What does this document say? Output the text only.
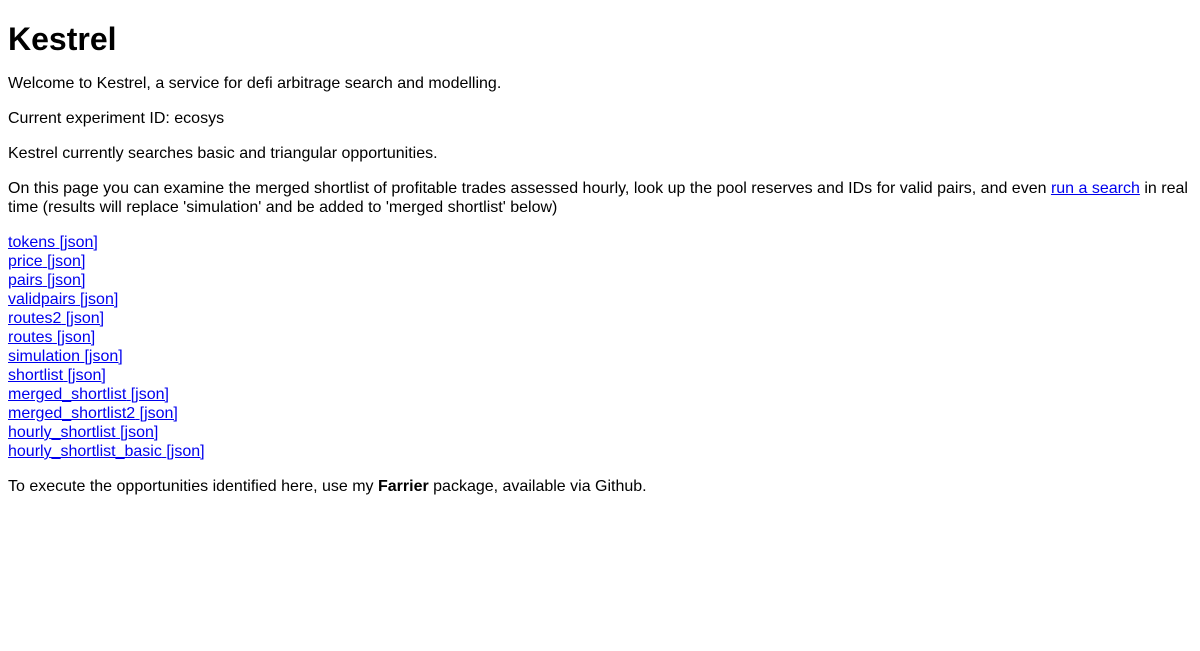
Kestrel

Welcome to Kestrel, a service for defi arbitrage search and modelling.

Current experiment ID: ecosys

Kestrel currently searches basic and triangular opportunities.

On this page you can examine the merged shortlist of profitable trades assessed hourly, look up the pool reserves and IDs for valid pairs, and even run a search in real time (results will replace 'simulation' and be added to 'merged shortlist' below)

tokens [json]
price [json]
pairs [json]
validpairs [json]
routes2 [json]
routes [json]
simulation [json]
shortlist [json]
merged_shortlist [json]
merged_shortlist2 [json]
hourly_shortlist [json]
hourly_shortlist_basic [json]

To execute the opportunities identified here, use my Farrier package, available via Github.
